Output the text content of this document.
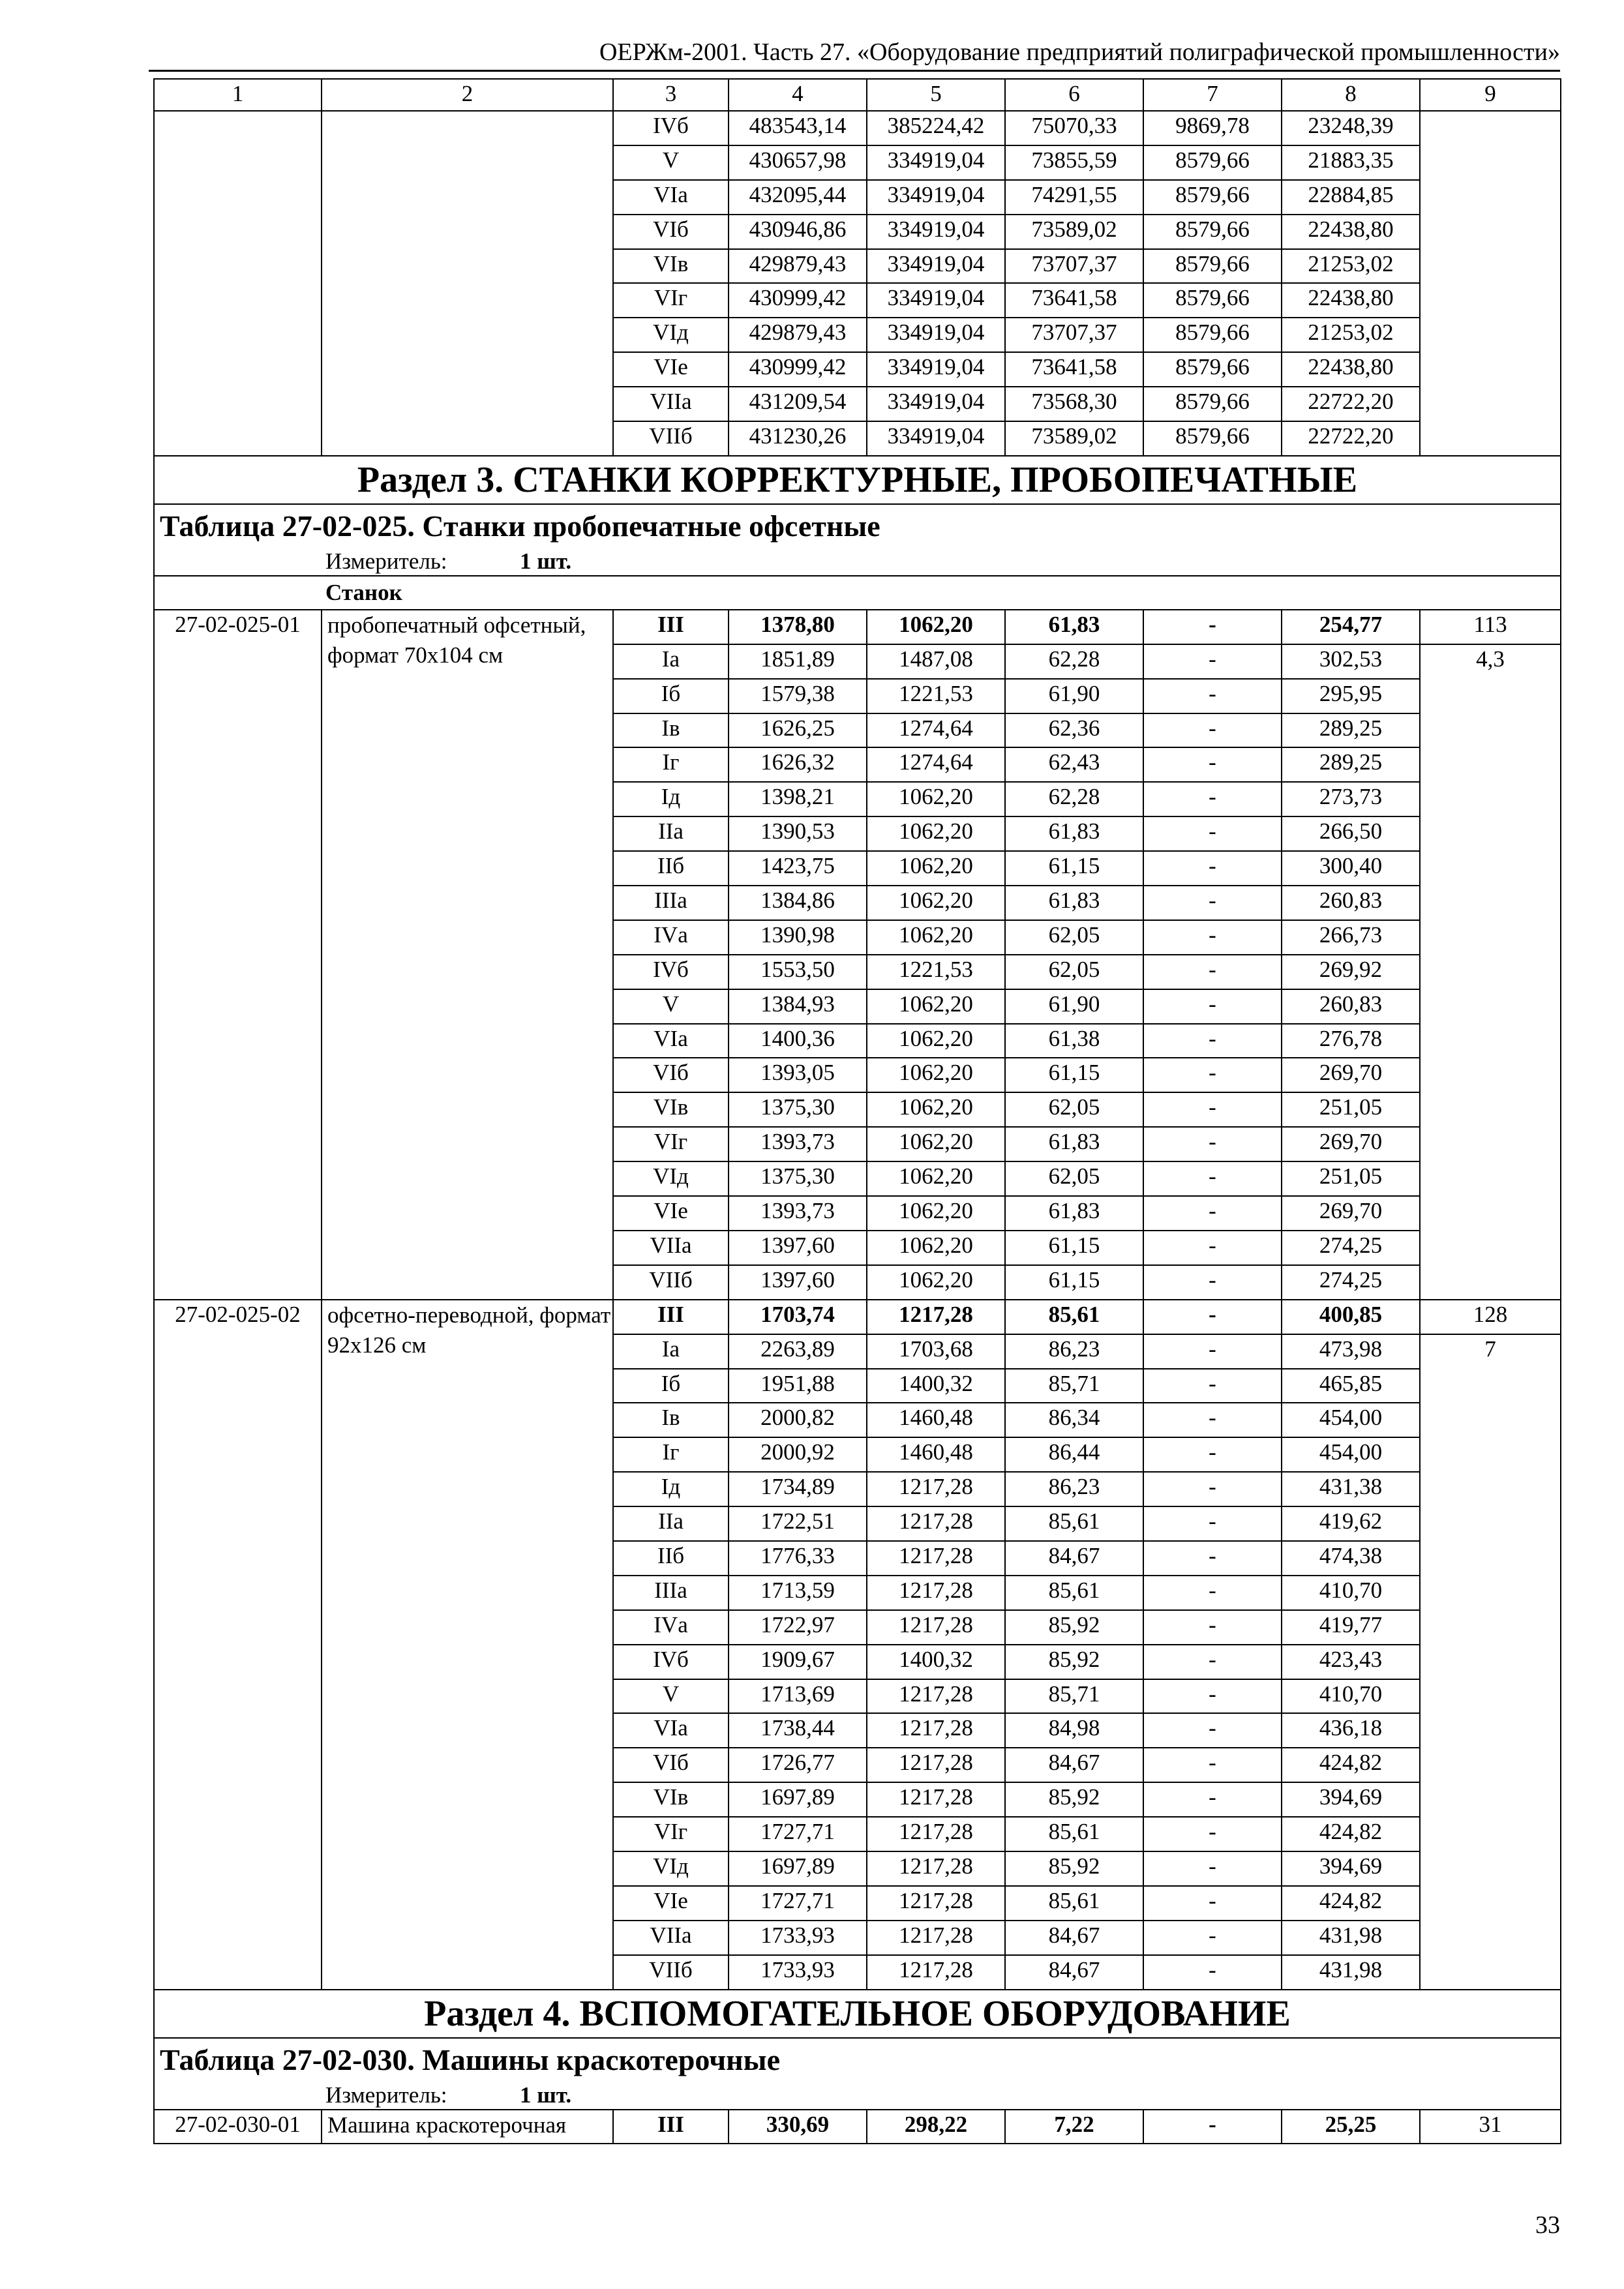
ОЕРЖм-2001. Часть 27. «Оборудование предприятий полиграфической промышленности»
1	2	3	4	5	6	7	8	9
		IVб	483543,14	385224,42	75070,33	9869,78	23248,39	
		V	430657,98	334919,04	73855,59	8579,66	21883,35	
		VIа	432095,44	334919,04	74291,55	8579,66	22884,85	
		VIб	430946,86	334919,04	73589,02	8579,66	22438,80	
		VIв	429879,43	334919,04	73707,37	8579,66	21253,02	
		VIг	430999,42	334919,04	73641,58	8579,66	22438,80	
		VIд	429879,43	334919,04	73707,37	8579,66	21253,02	
		VIе	430999,42	334919,04	73641,58	8579,66	22438,80	
		VIIа	431209,54	334919,04	73568,30	8579,66	22722,20	
		VIIб	431230,26	334919,04	73589,02	8579,66	22722,20	
Раздел 3. СТАНКИ КОРРЕКТУРНЫЕ, ПРОБОПЕЧАТНЫЕ								
Таблица 27-02-025. Станки пробопечатные офсетные								
Измеритель: 1 шт.								
Станок								
27-02-025-01	пробопечатный офсетный, формат 70х104 см	III	1378,80	1062,20	61,83	-	254,77	113
		Iа	1851,89	1487,08	62,28	-	302,53	4,3
		Iб	1579,38	1221,53	61,90	-	295,95	
		Iв	1626,25	1274,64	62,36	-	289,25	
		Iг	1626,32	1274,64	62,43	-	289,25	
		Iд	1398,21	1062,20	62,28	-	273,73	
		IIа	1390,53	1062,20	61,83	-	266,50	
		IIб	1423,75	1062,20	61,15	-	300,40	
		IIIа	1384,86	1062,20	61,83	-	260,83	
		IVа	1390,98	1062,20	62,05	-	266,73	
		IVб	1553,50	1221,53	62,05	-	269,92	
		V	1384,93	1062,20	61,90	-	260,83	
		VIа	1400,36	1062,20	61,38	-	276,78	
		VIб	1393,05	1062,20	61,15	-	269,70	
		VIв	1375,30	1062,20	62,05	-	251,05	
		VIг	1393,73	1062,20	61,83	-	269,70	
		VIд	1375,30	1062,20	62,05	-	251,05	
		VIе	1393,73	1062,20	61,83	-	269,70	
		VIIа	1397,60	1062,20	61,15	-	274,25	
		VIIб	1397,60	1062,20	61,15	-	274,25	
27-02-025-02	офсетно-переводной, формат 92х126 см	III	1703,74	1217,28	85,61	-	400,85	128
		Iа	2263,89	1703,68	86,23	-	473,98	7
		Iб	1951,88	1400,32	85,71	-	465,85	
		Iв	2000,82	1460,48	86,34	-	454,00	
		Iг	2000,92	1460,48	86,44	-	454,00	
		Iд	1734,89	1217,28	86,23	-	431,38	
		IIа	1722,51	1217,28	85,61	-	419,62	
		IIб	1776,33	1217,28	84,67	-	474,38	
		IIIа	1713,59	1217,28	85,61	-	410,70	
		IVа	1722,97	1217,28	85,92	-	419,77	
		IVб	1909,67	1400,32	85,92	-	423,43	
		V	1713,69	1217,28	85,71	-	410,70	
		VIа	1738,44	1217,28	84,98	-	436,18	
		VIб	1726,77	1217,28	84,67	-	424,82	
		VIв	1697,89	1217,28	85,92	-	394,69	
		VIг	1727,71	1217,28	85,61	-	424,82	
		VIд	1697,89	1217,28	85,92	-	394,69	
		VIе	1727,71	1217,28	85,61	-	424,82	
		VIIа	1733,93	1217,28	84,67	-	431,98	
		VIIб	1733,93	1217,28	84,67	-	431,98	
Раздел 4. ВСПОМОГАТЕЛЬНОЕ ОБОРУДОВАНИЕ								
Таблица 27-02-030. Машины краскотерочные								
Измеритель: 1 шт.								
27-02-030-01	Машина краскотерочная	III	330,69	298,22	7,22	-	25,25	31
33
